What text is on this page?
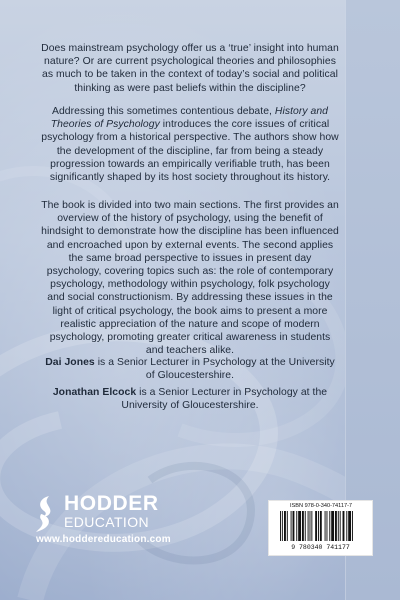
Does mainstream psychology offer us a ‘true’ insight into human nature? Or are current psychological theories and philosophies as much to be taken in the context of today’s social and political thinking as were past beliefs within the discipline?
Addressing this sometimes contentious debate, History and Theories of Psychology introduces the core issues of critical psychology from a historical perspective. The authors show how the development of the discipline, far from being a steady progression towards an empirically verifiable truth, has been significantly shaped by its host society throughout its history.
The book is divided into two main sections. The first provides an overview of the history of psychology, using the benefit of hindsight to demonstrate how the discipline has been influenced and encroached upon by external events. The second applies the same broad perspective to issues in present day psychology, covering topics such as: the role of contemporary psychology, methodology within psychology, folk psychology and social constructionism. By addressing these issues in the light of critical psychology, the book aims to present a more realistic appreciation of the nature and scope of modern psychology, promoting greater critical awareness in students and teachers alike.
Dai Jones is a Senior Lecturer in Psychology at the University of Gloucestershire.
Jonathan Elcock is a Senior Lecturer in Psychology at the University of Gloucestershire.
HODDER
EDUCATION
www.hoddereducation.com
ISBN 978-0-340-74117-7
9 780340 741177
